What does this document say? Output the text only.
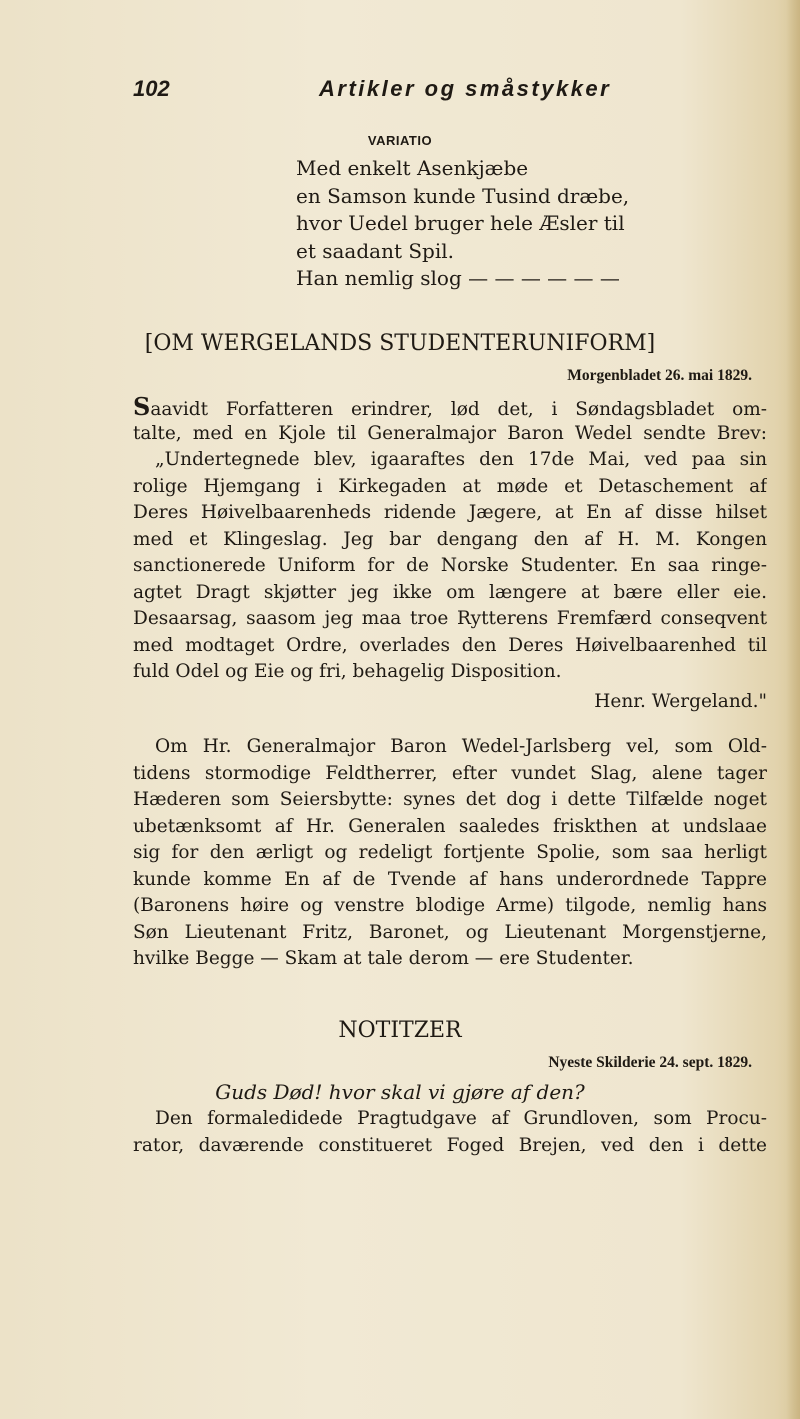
102	Artikler og småstykker
VARIATIO
Med enkelt Asenkjæbe
en Samson kunde Tusind dræbe,
hvor Uedel bruger hele Æsler til
et saadant Spil.
Han nemlig slog — — — — — —
[OM WERGELANDS STUDENTERUNIFORM]
Morgenbladet 26. mai 1829.
Saavidt Forfatteren erindrer, lød det, i Søndagsbladet om-
talte, med en Kjole til Generalmajor Baron Wedel sendte Brev:
„Undertegnede blev, igaaraftes den 17de Mai, ved paa sin
rolige Hjemgang i Kirkegaden at møde et Detaschement af
Deres Høivelbaarenheds ridende Jægere, at En af disse hilset
med et Klingeslag. Jeg bar dengang den af H. M. Kongen
sanctionerede Uniform for de Norske Studenter. En saa ringe-
agtet Dragt skjøtter jeg ikke om længere at bære eller eie.
Desaarsag, saasom jeg maa troe Rytterens Fremfærd conseqvent
med modtaget Ordre, overlades den Deres Høivelbaarenhed til
fuld Odel og Eie og fri, behagelig Disposition.
Henr. Wergeland."
Om Hr. Generalmajor Baron Wedel-Jarlsberg vel, som Old-
tidens stormodige Feldtherrer, efter vundet Slag, alene tager
Hæderen som Seiersbytte: synes det dog i dette Tilfælde noget
ubetænksomt af Hr. Generalen saaledes friskthen at undslaae
sig for den ærligt og redeligt fortjente Spolie, som saa herligt
kunde komme En af de Tvende af hans underordnede Tappre
(Baronens høire og venstre blodige Arme) tilgode, nemlig hans
Søn Lieutenant Fritz, Baronet, og Lieutenant Morgenstjerne,
hvilke Begge — Skam at tale derom — ere Studenter.
NOTITZER
Nyeste Skilderie 24. sept. 1829.
Guds Død! hvor skal vi gjøre af den?
Den formaledidede Pragtudgave af Grundloven, som Procu-
rator, daværende constitueret Foged Brejen, ved den i dette
